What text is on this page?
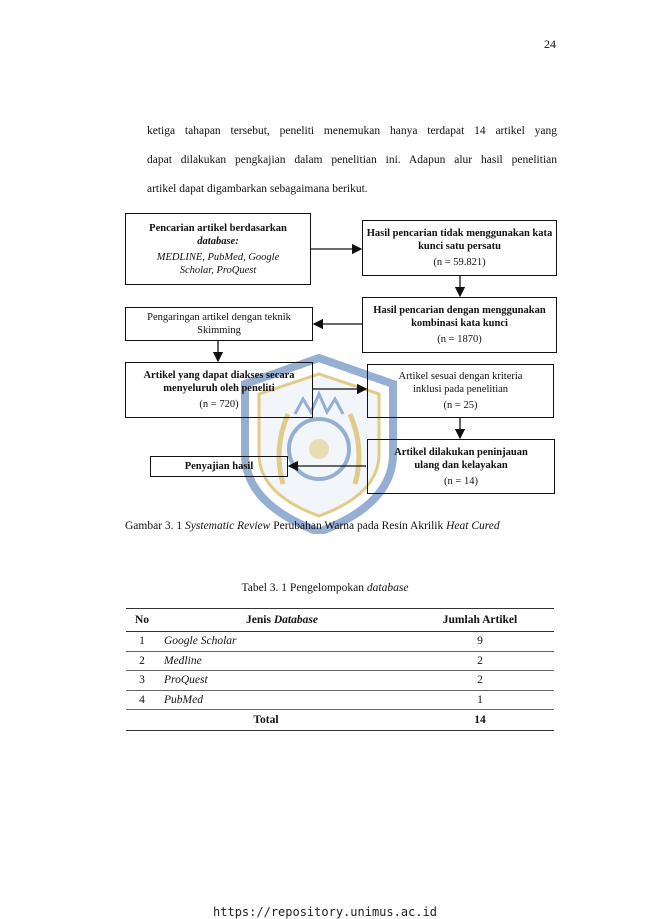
24
ketiga tahapan tersebut, peneliti menemukan hanya terdapat 14 artikel yang
dapat dilakukan pengkajian dalam penelitian ini. Adapun alur hasil penelitian
artikel dapat digambarkan sebagaimana berikut.
Pencarian artikel berdasarkan
database:
MEDLINE, PubMed, Google Scholar, ProQuest
Hasil pencarian tidak menggunakan kata kunci satu persatu
(n = 59.821)
Hasil pencarian dengan menggunakan kombinasi kata kunci
(n = 1870)
Pengaringan artikel dengan teknik Skimming
Artikel yang dapat diakses secara menyeluruh oleh peneliti
(n = 720)
Artikel sesuai dengan kriteria inklusi pada penelitian
(n = 25)
Artikel dilakukan peninjauan ulang dan kelayakan
(n = 14)
Penyajian hasil
Gambar 3. 1 Systematic Review Perubahan Warna pada Resin Akrilik Heat Cured
Tabel 3. 1 Pengelompokan database
No	Jenis Database	Jumlah Artikel
1	Google Scholar	9
2	Medline	2
3	ProQuest	2
4	PubMed	1
Total		14
https://repository.unimus.ac.id
